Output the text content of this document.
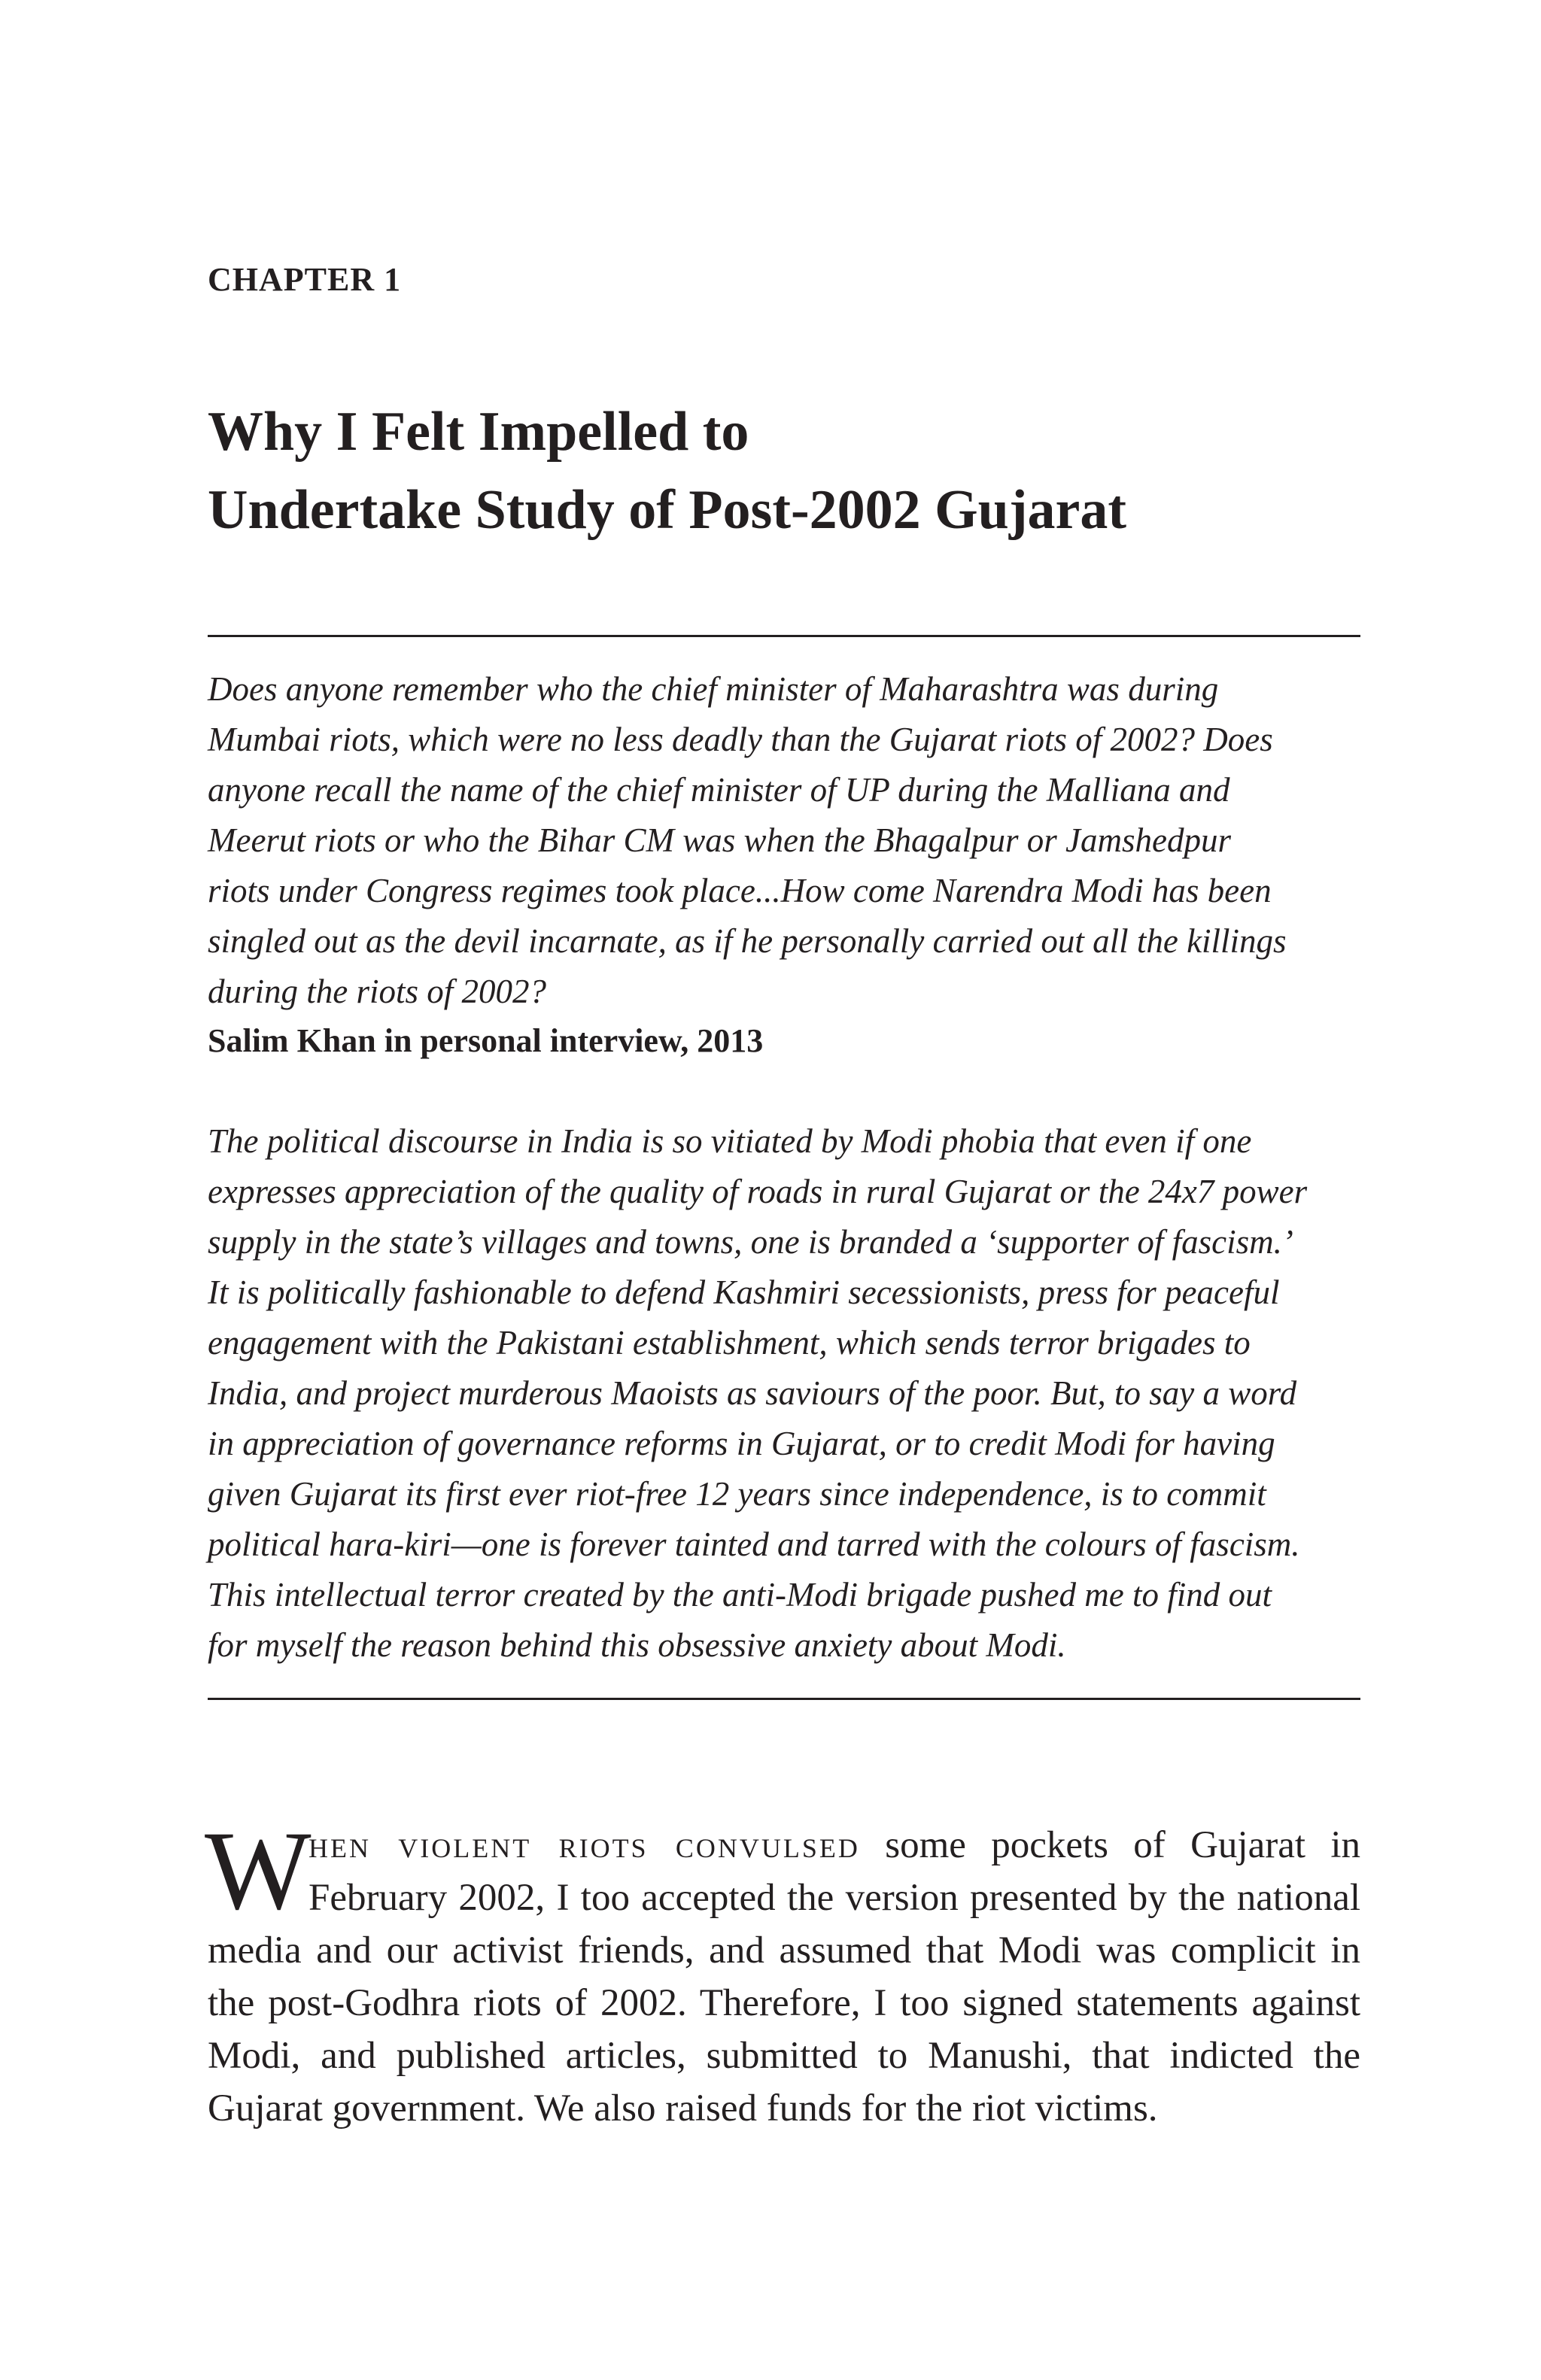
CHAPTER 1
Why I Felt Impelled to
Undertake Study of Post-2002 Gujarat
Does anyone remember who the chief minister of Maharashtra was during
Mumbai riots, which were no less deadly than the Gujarat riots of 2002? Does
anyone recall the name of the chief minister of UP during the Malliana and
Meerut riots or who the Bihar CM was when the Bhagalpur or Jamshedpur
riots under Congress regimes took place...How come Narendra Modi has been
singled out as the devil incarnate, as if he personally carried out all the killings
during the riots of 2002?
Salim Khan in personal interview, 2013
The political discourse in India is so vitiated by Modi phobia that even if one
expresses appreciation of the quality of roads in rural Gujarat or the 24x7 power
supply in the state’s villages and towns, one is branded a ‘supporter of fascism.’
It is politically fashionable to defend Kashmiri secessionists, press for peaceful
engagement with the Pakistani establishment, which sends terror brigades to
India, and project murderous Maoists as saviours of the poor. But, to say a word
in appreciation of governance reforms in Gujarat, or to credit Modi for having
given Gujarat its first ever riot-free 12 years since independence, is to commit
political hara-kiri—one is forever tainted and tarred with the colours of fascism.
This intellectual terror created by the anti-Modi brigade pushed me to find out
for myself the reason behind this obsessive anxiety about Modi.
W
hen violent riots convulsed some pockets of Gujarat in
February 2002, I too accepted the version presented by the national
media and our activist friends, and assumed that Modi was complicit in
the post-Godhra riots of 2002. Therefore, I too signed statements against
Modi, and published articles, submitted to Manushi, that indicted the
Gujarat government. We also raised funds for the riot victims.
